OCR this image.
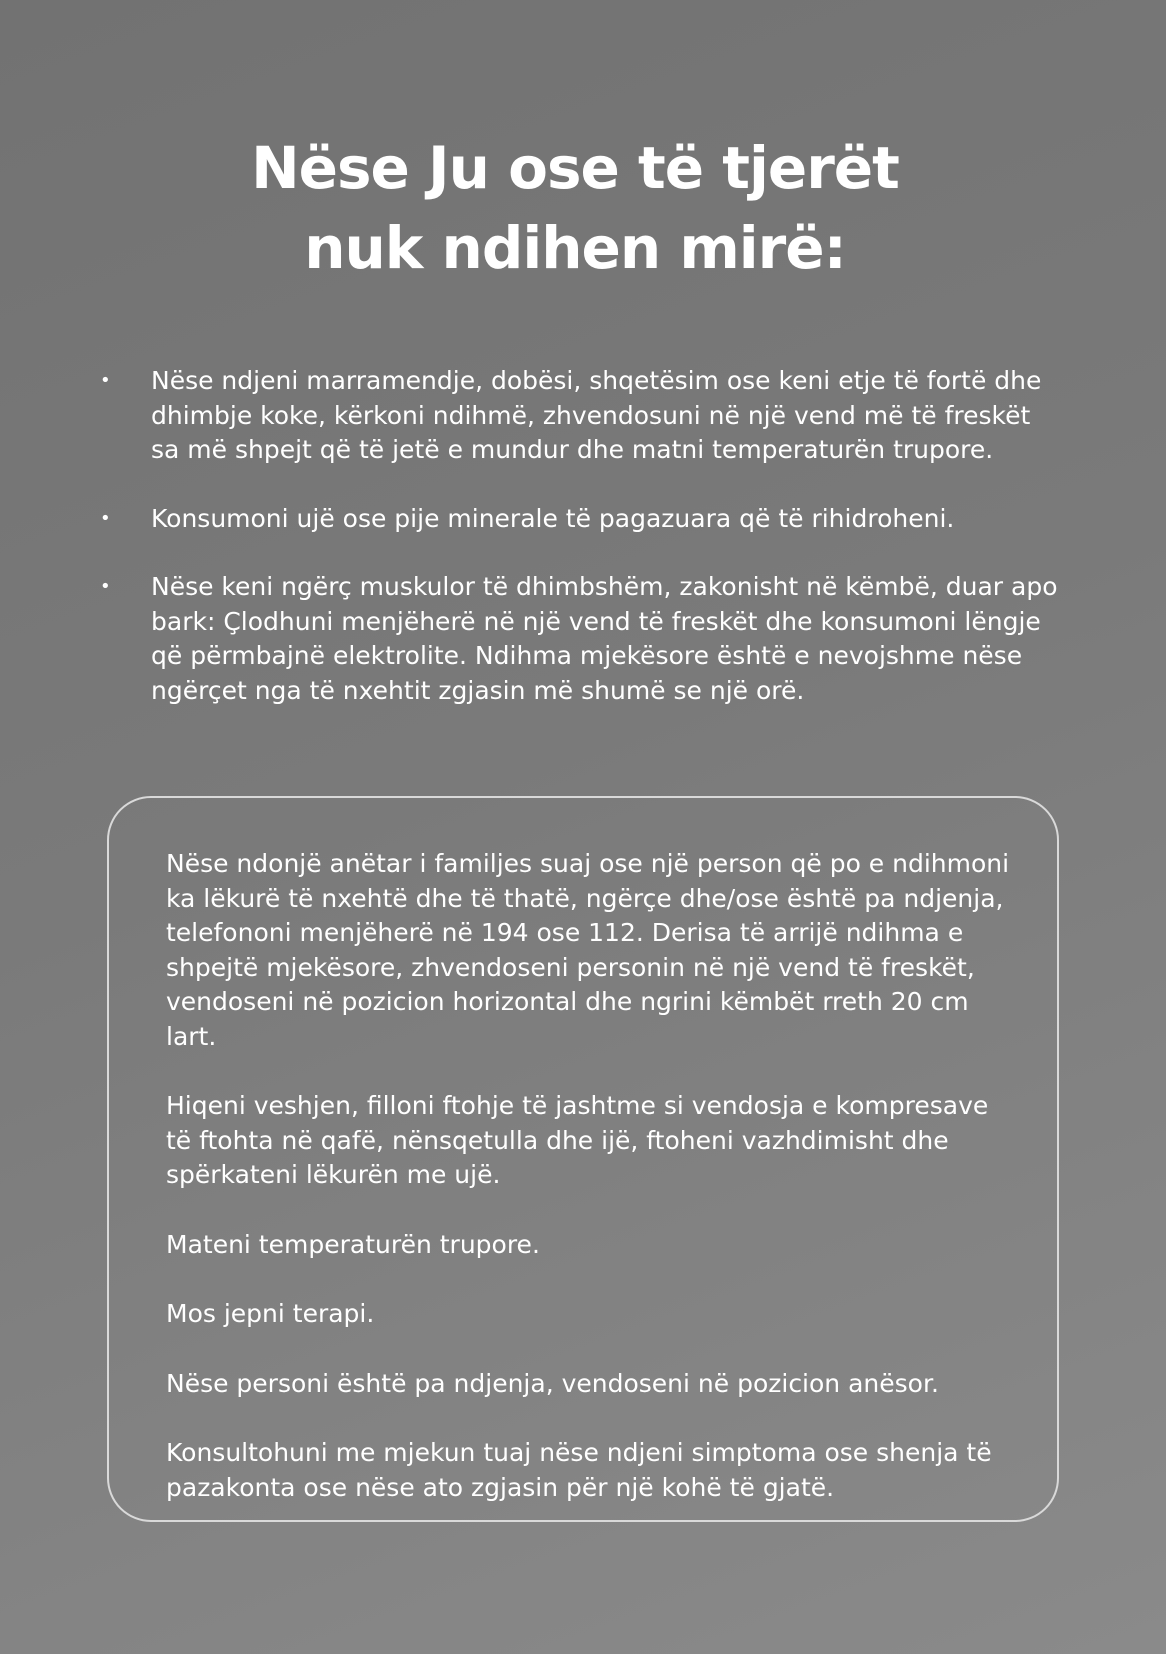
Nëse Ju ose të tjerët
nuk ndihen mirë:
• Nëse ndjeni marramendje, dobësi, shqetësim ose keni etje të fortë dhe dhimbje koke, kërkoni ndihmë, zhvendosuni në një vend më të freskët sa më shpejt që të jetë e mundur dhe matni temperaturën trupore.
• Konsumoni ujë ose pije minerale të pagazuara që të rihidroheni.
• Nëse keni ngërç muskulor të dhimbshëm, zakonisht në këmbë, duar apo bark: Çlodhuni menjëherë në një vend të freskët dhe konsumoni lëngje që përmbajnë elektrolite. Ndihma mjekësore është e nevojshme nëse ngërçet nga të nxehtit zgjasin më shumë se një orë.

Nëse ndonjë anëtar i familjes suaj ose një person që po e ndihmoni ka lëkurë të nxehtë dhe të thatë, ngërçe dhe/ose është pa ndjenja, telefononi menjëherë në 194 ose 112. Derisa të arrijë ndihma e shpejtë mjekësore, zhvendoseni personin në një vend të freskët, vendoseni në pozicion horizontal dhe ngrini këmbët rreth 20 cm lart.

Hiqeni veshjen, filloni ftohje të jashtme si vendosja e kompresave të ftohta në qafë, nënsqetulla dhe ijë, ftoheni vazhdimisht dhe spërkateni lëkurën me ujë.

Mateni temperaturën trupore.

Mos jepni terapi.

Nëse personi është pa ndjenja, vendoseni në pozicion anësor.

Konsultohuni me mjekun tuaj nëse ndjeni simptoma ose shenja të pazakonta ose nëse ato zgjasin për një kohë të gjatë.
